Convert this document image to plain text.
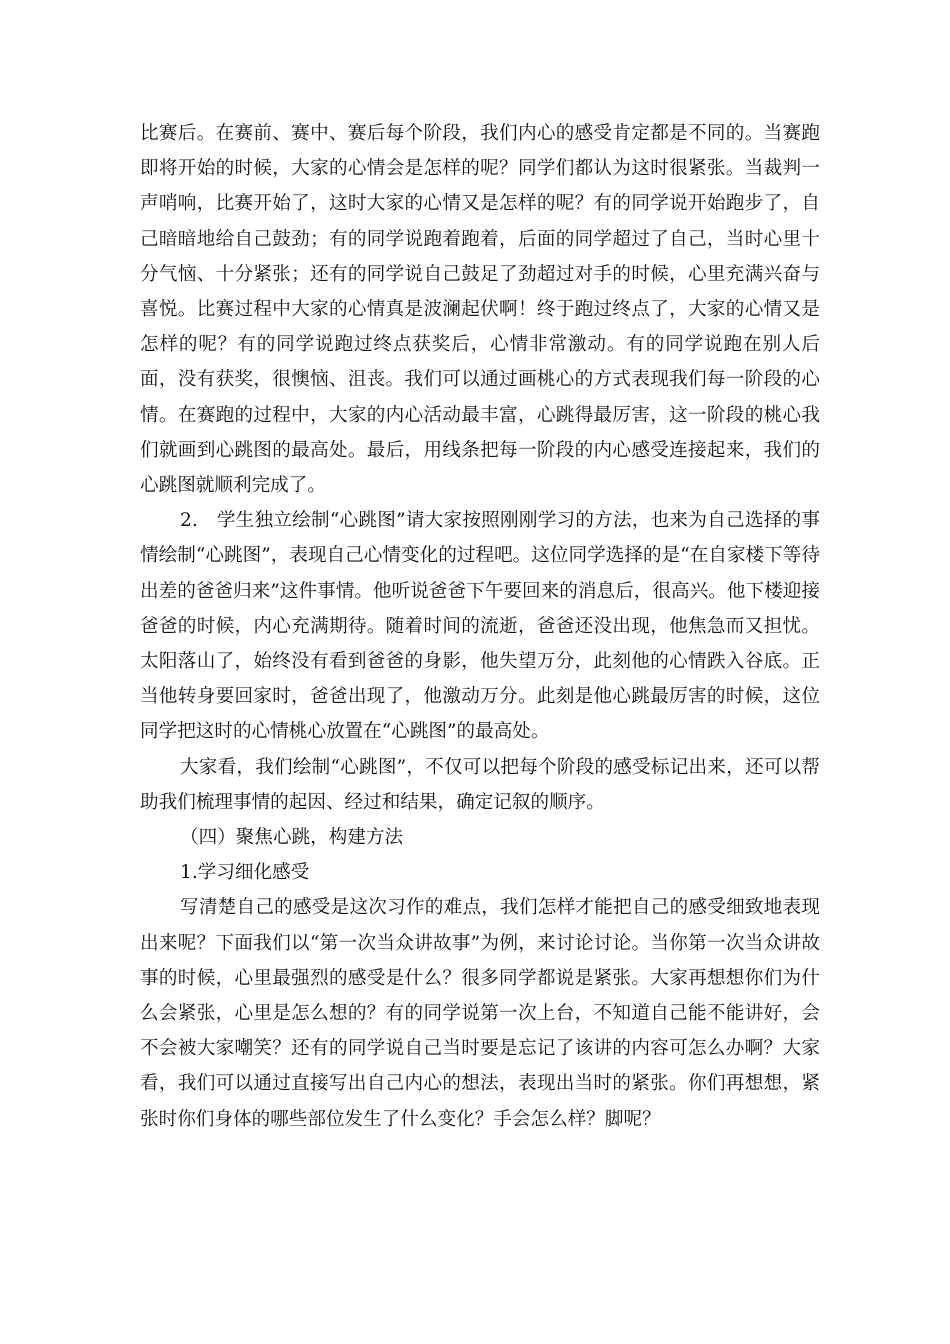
比赛后。在赛前、赛中、赛后每个阶段，我们内心的感受肯定都是不同的。当赛跑即将开始的时候，大家的心情会是怎样的呢？同学们都认为这时很紧张。当裁判一声哨响，比赛开始了，这时大家的心情又是怎样的呢？有的同学说开始跑步了，自己暗暗地给自己鼓劲；有的同学说跑着跑着，后面的同学超过了自己，当时心里十分气恼、十分紧张；还有的同学说自己鼓足了劲超过对手的时候，心里充满兴奋与喜悦。比赛过程中大家的心情真是波澜起伏啊！终于跑过终点了，大家的心情又是怎样的呢？有的同学说跑过终点获奖后，心情非常激动。有的同学说跑在别人后面，没有获奖，很懊恼、沮丧。我们可以通过画桃心的方式表现我们每一阶段的心情。在赛跑的过程中，大家的内心活动最丰富，心跳得最厉害，这一阶段的桃心我们就画到心跳图的最高处。最后，用线条把每一阶段的内心感受连接起来，我们的心跳图就顺利完成了。

2.　学生独立绘制“心跳图”请大家按照刚刚学习的方法，也来为自己选择的事情绘制“心跳图”，表现自己心情变化的过程吧。这位同学选择的是“在自家楼下等待出差的爸爸归来”这件事情。他听说爸爸下午要回来的消息后，很高兴。他下楼迎接爸爸的时候，内心充满期待。随着时间的流逝，爸爸还没出现，他焦急而又担忧。太阳落山了，始终没有看到爸爸的身影，他失望万分，此刻他的心情跌入谷底。正当他转身要回家时，爸爸出现了，他激动万分。此刻是他心跳最厉害的时候，这位同学把这时的心情桃心放置在“心跳图”的最高处。

大家看，我们绘制“心跳图”，不仅可以把每个阶段的感受标记出来，还可以帮助我们梳理事情的起因、经过和结果，确定记叙的顺序。

（四）聚焦心跳，构建方法

1.学习细化感受

写清楚自己的感受是这次习作的难点，我们怎样才能把自己的感受细致地表现出来呢？下面我们以“第一次当众讲故事”为例，来讨论讨论。当你第一次当众讲故事的时候，心里最强烈的感受是什么？很多同学都说是紧张。大家再想想你们为什么会紧张，心里是怎么想的？有的同学说第一次上台，不知道自己能不能讲好，会不会被大家嘲笑？还有的同学说自己当时要是忘记了该讲的内容可怎么办啊？大家看，我们可以通过直接写出自己内心的想法，表现出当时的紧张。你们再想想，紧张时你们身体的哪些部位发生了什么变化？手会怎么样？脚呢？
